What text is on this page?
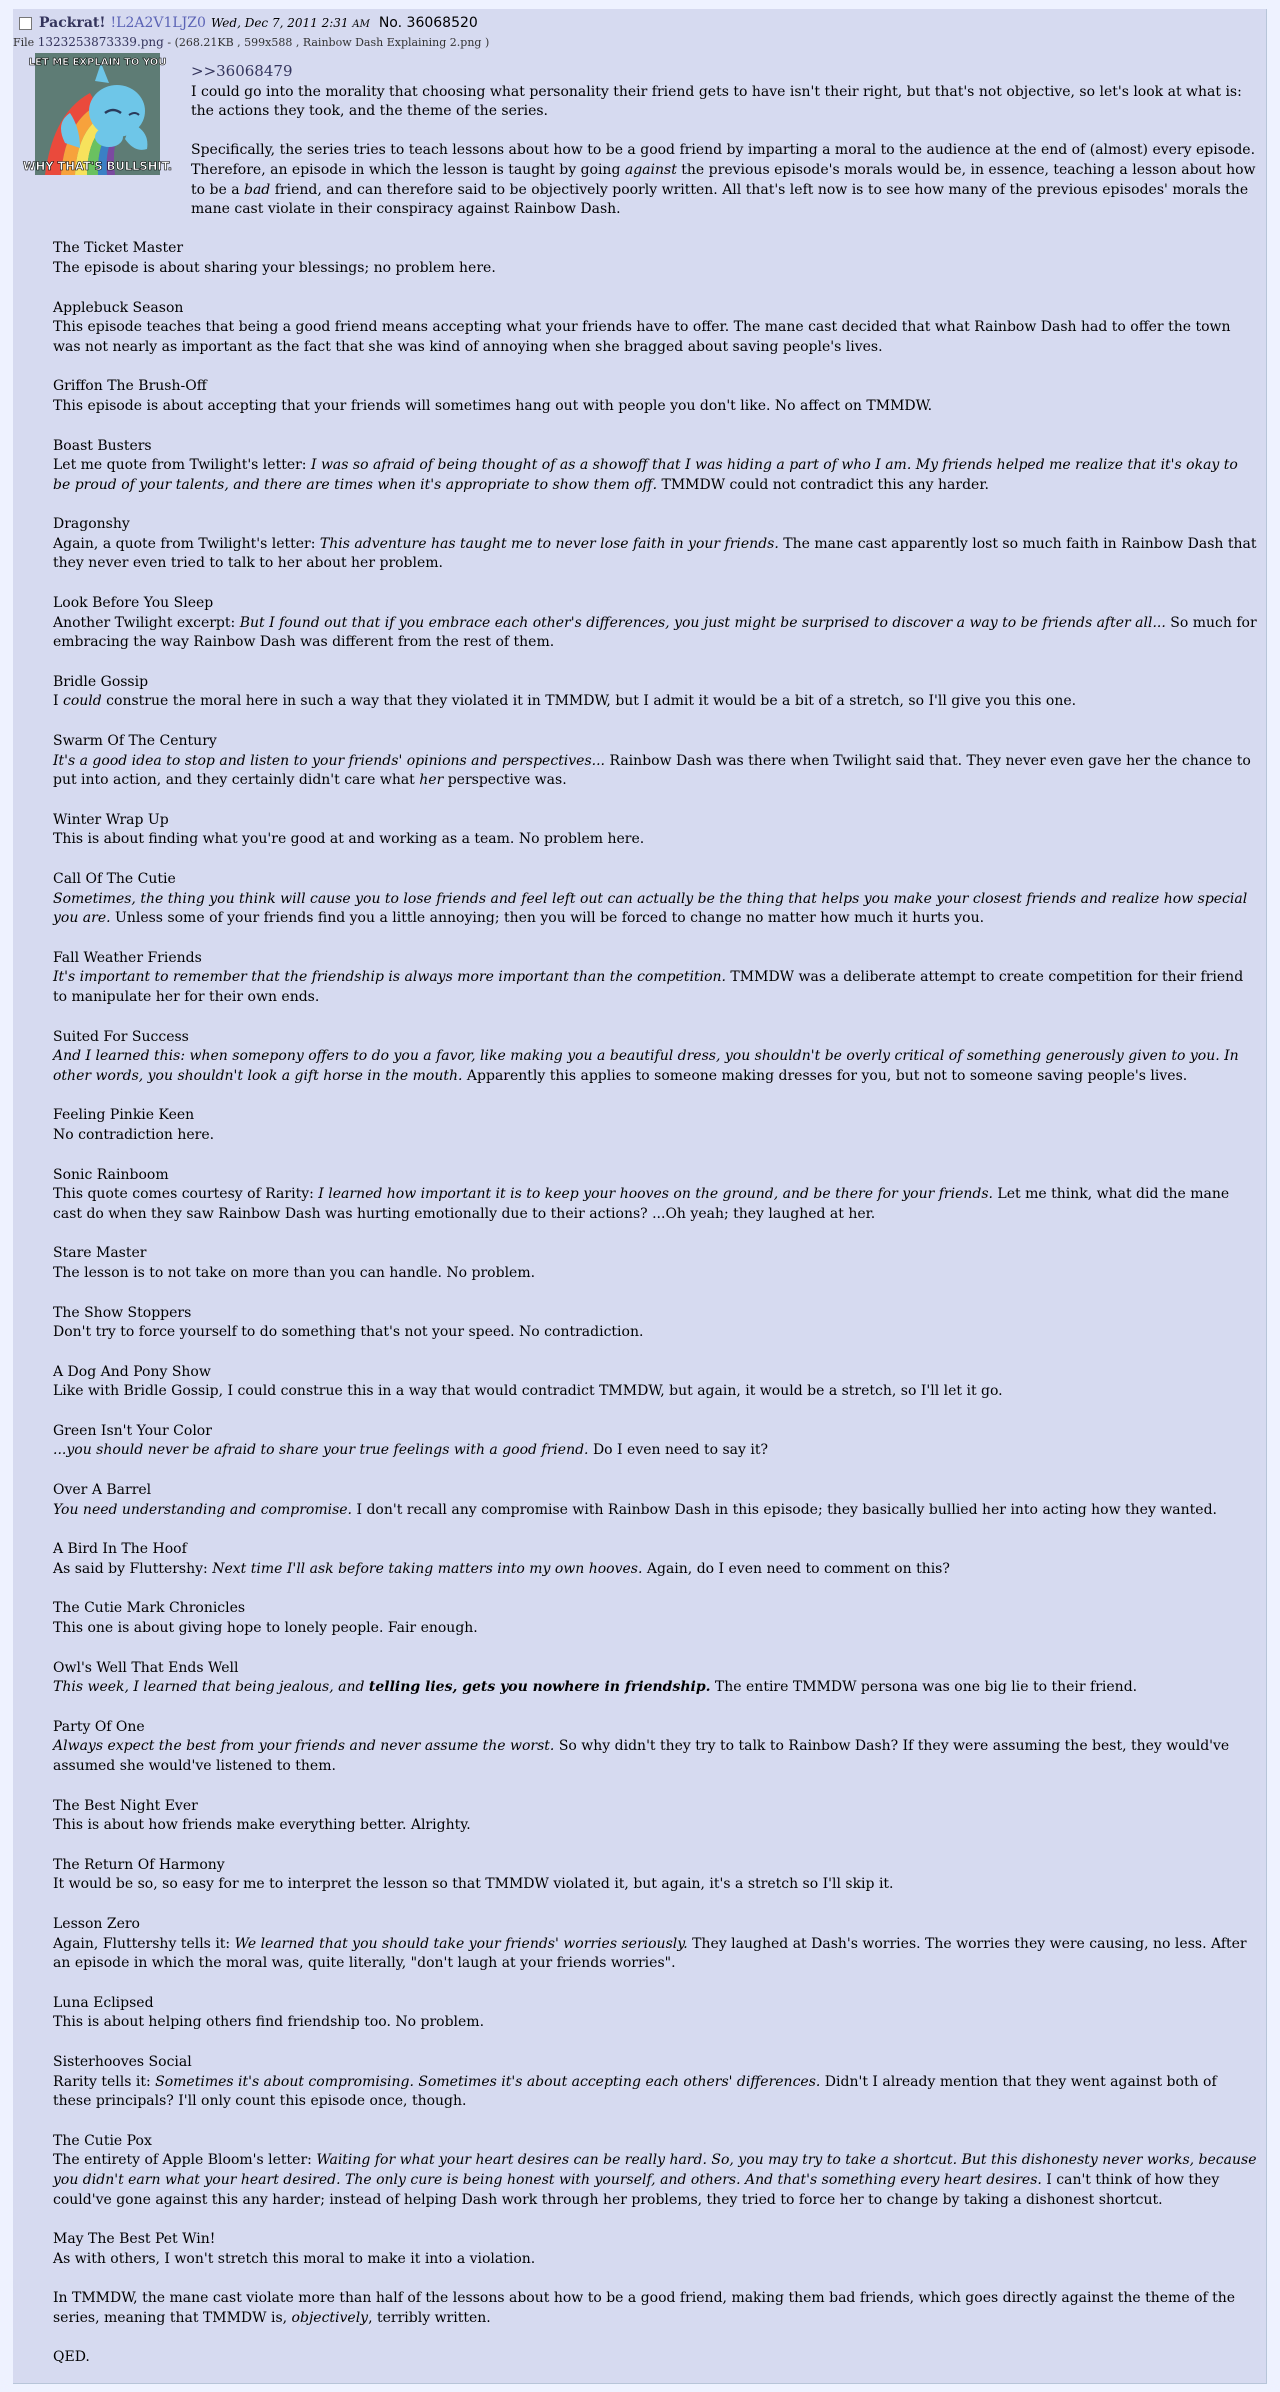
Packrat! !L2A2V1LJZ0 Wed, Dec 7, 2011 2:31 AM No. 36068520
File 1323253873339.png - (268.21KB , 599x588 , Rainbow Dash Explaining 2.png )
LET ME EXPLAIN TO YOU
WHY THAT'S BULLSHIT.
>>36068479
I could go into the morality that choosing what personality their friend gets to have isn't their right, but that's not objective, so let's look at what is: the actions they took, and the theme of the series.
Specifically, the series tries to teach lessons about how to be a good friend by imparting a moral to the audience at the end of (almost) every episode. Therefore, an episode in which the lesson is taught by going against the previous episode's morals would be, in essence, teaching a lesson about how to be a bad friend, and can therefore said to be objectively poorly written. All that's left now is to see how many of the previous episodes' morals the mane cast violate in their conspiracy against Rainbow Dash.
The Ticket Master
The episode is about sharing your blessings; no problem here.
Applebuck Season
This episode teaches that being a good friend means accepting what your friends have to offer. The mane cast decided that what Rainbow Dash had to offer the town was not nearly as important as the fact that she was kind of annoying when she bragged about saving people's lives.
Griffon The Brush-Off
This episode is about accepting that your friends will sometimes hang out with people you don't like. No affect on TMMDW.
Boast Busters
Let me quote from Twilight's letter: I was so afraid of being thought of as a showoff that I was hiding a part of who I am. My friends helped me realize that it's okay to be proud of your talents, and there are times when it's appropriate to show them off. TMMDW could not contradict this any harder.
Dragonshy
Again, a quote from Twilight's letter: This adventure has taught me to never lose faith in your friends. The mane cast apparently lost so much faith in Rainbow Dash that they never even tried to talk to her about her problem.
Look Before You Sleep
Another Twilight excerpt: But I found out that if you embrace each other's differences, you just might be surprised to discover a way to be friends after all... So much for embracing the way Rainbow Dash was different from the rest of them.
Bridle Gossip
I could construe the moral here in such a way that they violated it in TMMDW, but I admit it would be a bit of a stretch, so I'll give you this one.
Swarm Of The Century
It's a good idea to stop and listen to your friends' opinions and perspectives... Rainbow Dash was there when Twilight said that. They never even gave her the chance to put into action, and they certainly didn't care what her perspective was.
Winter Wrap Up
This is about finding what you're good at and working as a team. No problem here.
Call Of The Cutie
Sometimes, the thing you think will cause you to lose friends and feel left out can actually be the thing that helps you make your closest friends and realize how special you are. Unless some of your friends find you a little annoying; then you will be forced to change no matter how much it hurts you.
Fall Weather Friends
It's important to remember that the friendship is always more important than the competition. TMMDW was a deliberate attempt to create competition for their friend to manipulate her for their own ends.
Suited For Success
And I learned this: when somepony offers to do you a favor, like making you a beautiful dress, you shouldn't be overly critical of something generously given to you. In other words, you shouldn't look a gift horse in the mouth. Apparently this applies to someone making dresses for you, but not to someone saving people's lives.
Feeling Pinkie Keen
No contradiction here.
Sonic Rainboom
This quote comes courtesy of Rarity: I learned how important it is to keep your hooves on the ground, and be there for your friends. Let me think, what did the mane cast do when they saw Rainbow Dash was hurting emotionally due to their actions? ...Oh yeah; they laughed at her.
Stare Master
The lesson is to not take on more than you can handle. No problem.
The Show Stoppers
Don't try to force yourself to do something that's not your speed. No contradiction.
A Dog And Pony Show
Like with Bridle Gossip, I could construe this in a way that would contradict TMMDW, but again, it would be a stretch, so I'll let it go.
Green Isn't Your Color
...you should never be afraid to share your true feelings with a good friend. Do I even need to say it?
Over A Barrel
You need understanding and compromise. I don't recall any compromise with Rainbow Dash in this episode; they basically bullied her into acting how they wanted.
A Bird In The Hoof
As said by Fluttershy: Next time I'll ask before taking matters into my own hooves. Again, do I even need to comment on this?
The Cutie Mark Chronicles
This one is about giving hope to lonely people. Fair enough.
Owl's Well That Ends Well
This week, I learned that being jealous, and telling lies, gets you nowhere in friendship. The entire TMMDW persona was one big lie to their friend.
Party Of One
Always expect the best from your friends and never assume the worst. So why didn't they try to talk to Rainbow Dash? If they were assuming the best, they would've assumed she would've listened to them.
The Best Night Ever
This is about how friends make everything better. Alrighty.
The Return Of Harmony
It would be so, so easy for me to interpret the lesson so that TMMDW violated it, but again, it's a stretch so I'll skip it.
Lesson Zero
Again, Fluttershy tells it: We learned that you should take your friends' worries seriously. They laughed at Dash's worries. The worries they were causing, no less. After an episode in which the moral was, quite literally, "don't laugh at your friends worries".
Luna Eclipsed
This is about helping others find friendship too. No problem.
Sisterhooves Social
Rarity tells it: Sometimes it's about compromising. Sometimes it's about accepting each others' differences. Didn't I already mention that they went against both of these principals? I'll only count this episode once, though.
The Cutie Pox
The entirety of Apple Bloom's letter: Waiting for what your heart desires can be really hard. So, you may try to take a shortcut. But this dishonesty never works, because you didn't earn what your heart desired. The only cure is being honest with yourself, and others. And that's something every heart desires. I can't think of how they could've gone against this any harder; instead of helping Dash work through her problems, they tried to force her to change by taking a dishonest shortcut.
May The Best Pet Win!
As with others, I won't stretch this moral to make it into a violation.
In TMMDW, the mane cast violate more than half of the lessons about how to be a good friend, making them bad friends, which goes directly against the theme of the series, meaning that TMMDW is, objectively, terribly written.
QED.
